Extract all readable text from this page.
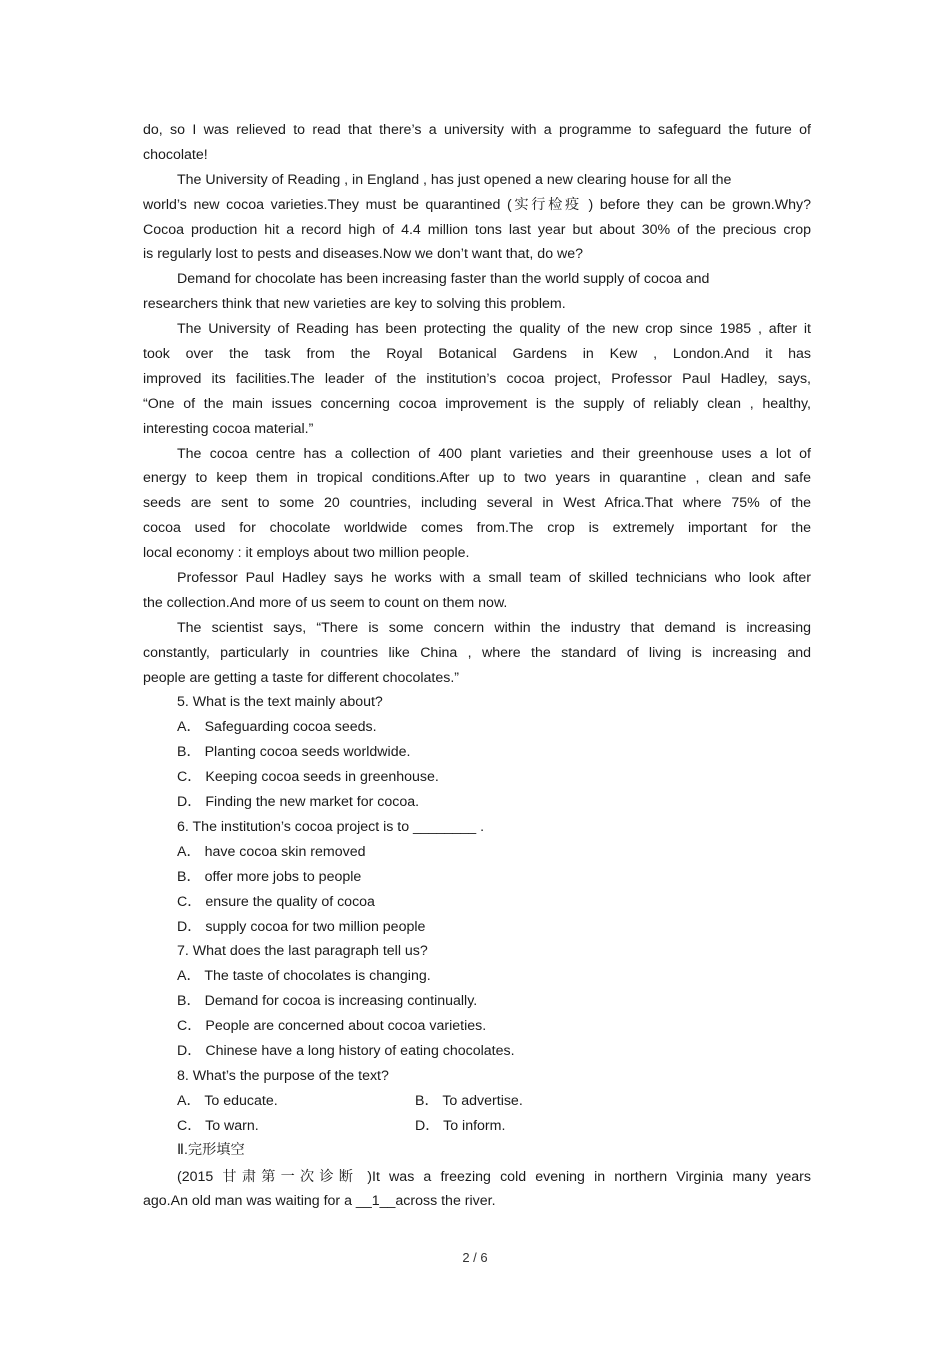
do, so I was relieved to read that there’s a university with a programme to safeguard the future of
chocolate!
The University of Reading , in England , has just opened a new clearing house for all the
world’s new cocoa varieties.They must be quarantined (实行检疫 ) before they can be grown.Why?
Cocoa production hit a record high of 4.4 million tons last year but about 30% of the precious crop
is regularly lost to pests and diseases.Now we don’t want that, do we?
Demand for chocolate has been increasing faster than the world supply of cocoa and
researchers think that new varieties are key to solving this problem.
The University of Reading has been protecting the quality of the new crop since 1985 , after it
took over the task from the Royal Botanical Gardens in Kew , London.And it has
improved its facilities.The leader of the institution’s cocoa project, Professor Paul Hadley, says,
“One of the main issues concerning cocoa improvement is the supply of reliably clean , healthy,
interesting cocoa material.”
The cocoa centre has a collection of 400 plant varieties and their greenhouse uses a lot of
energy to keep them in tropical conditions.After up to two years in quarantine , clean and safe
seeds are sent to some 20 countries, including several in West Africa.That where 75% of the
cocoa used for chocolate worldwide comes from.The crop is extremely important for the
local economy : it employs about two million people.
Professor Paul Hadley says he works with a small team of skilled technicians who look after
the collection.And more of us seem to count on them now.
The scientist says, “There is some concern within the industry that demand is increasing
constantly, particularly in countries like China , where the standard of living is increasing and
people are getting a taste for different chocolates.”
5. What is the text mainly about?
A． Safeguarding cocoa seeds.
B． Planting cocoa seeds worldwide.
C． Keeping cocoa seeds in greenhouse.
D． Finding the new market for cocoa.
6. The institution’s cocoa project is to ________ .
A． have cocoa skin removed
B． offer more jobs to people
C． ensure the quality of cocoa
D． supply cocoa for two million people
7. What does the last paragraph tell us?
A． The taste of chocolates is changing.
B． Demand for cocoa is increasing continually.
C． People are concerned about cocoa varieties.
D． Chinese have a long history of eating chocolates.
8. What’s the purpose of the text?
A． To educate.	B． To advertise.
C． To warn.	D． To inform.
Ⅱ.完形填空
(2015 甘肃第一次诊断 )It was a freezing cold evening in northern Virginia many years
ago.An old man was waiting for a __1__across the river.
2 / 6
